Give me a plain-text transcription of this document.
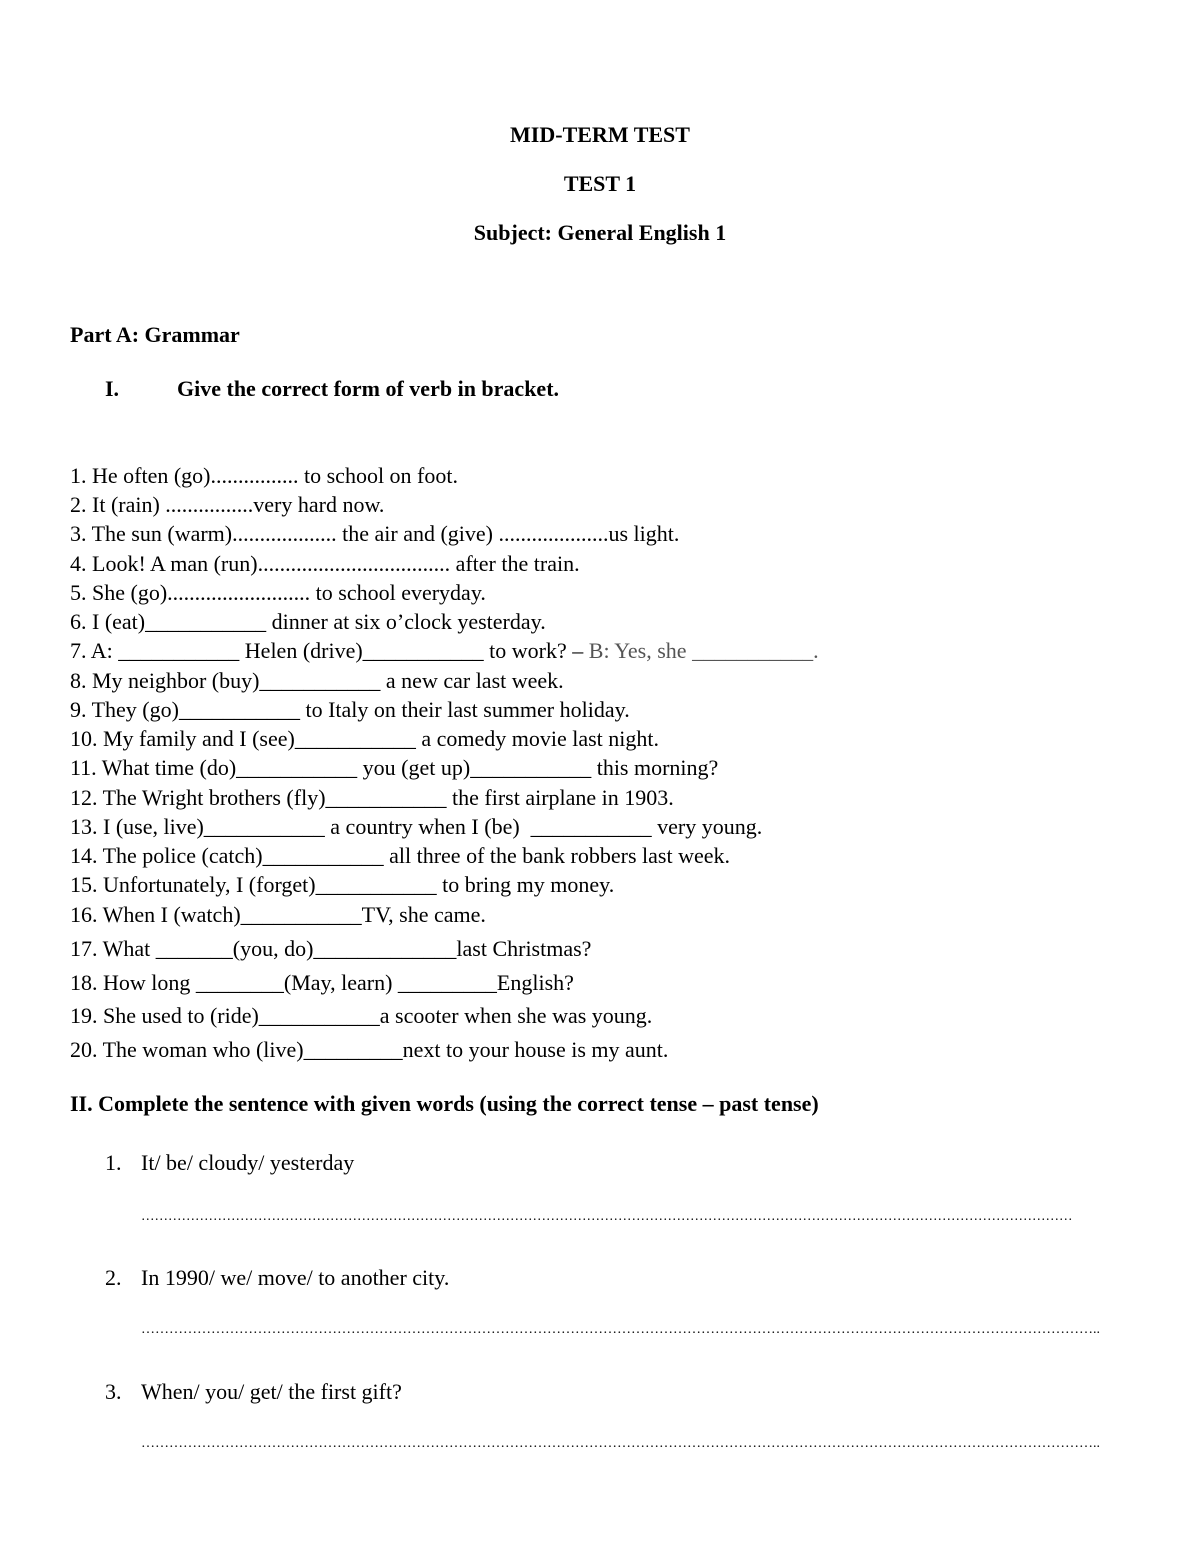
MID-TERM TEST
TEST 1
Subject: General English 1
Part A: Grammar
I.	Give the correct form of verb in bracket.
1. He often (go)................ to school on foot.
2. It (rain) ................very hard now.
3. The sun (warm)................... the air and (give) ....................us light.
4. Look! A man (run)................................... after the train.
5. She (go).......................... to school everyday.
6. I (eat)___________ dinner at six o’clock yesterday.
7. A: ___________ Helen (drive)___________ to work? – B: Yes, she ___________.
8. My neighbor (buy)___________ a new car last week.
9. They (go)___________ to Italy on their last summer holiday.
10. My family and I (see)___________ a comedy movie last night.
11. What time (do)___________ you (get up)___________ this morning?
12. The Wright brothers (fly)___________ the first airplane in 1903.
13. I (use, live)___________ a country when I (be)  ___________ very young.
14. The police (catch)___________ all three of the bank robbers last week.
15. Unfortunately, I (forget)___________ to bring my money.
16. When I (watch)___________TV, she came.
17. What _______(you, do)_____________last Christmas?
18. How long ________(May, learn) _________English?
19. She used to (ride)___________a scooter when she was young.
20. The woman who (live)_________next to your house is my aunt.
II. Complete the sentence with given words (using the correct tense – past tense)
1. It/ be/ cloudy/ yesterday
………………………………………………………………………………………………………………………………………………………………………………………
2. In 1990/ we/ move/ to another city.
……………………………………………………………………………………………………………………………………………………………………………………..
3. When/ you/ get/ the first gift?
……………………………………………………………………………………………………………………………………………………………………………………..
